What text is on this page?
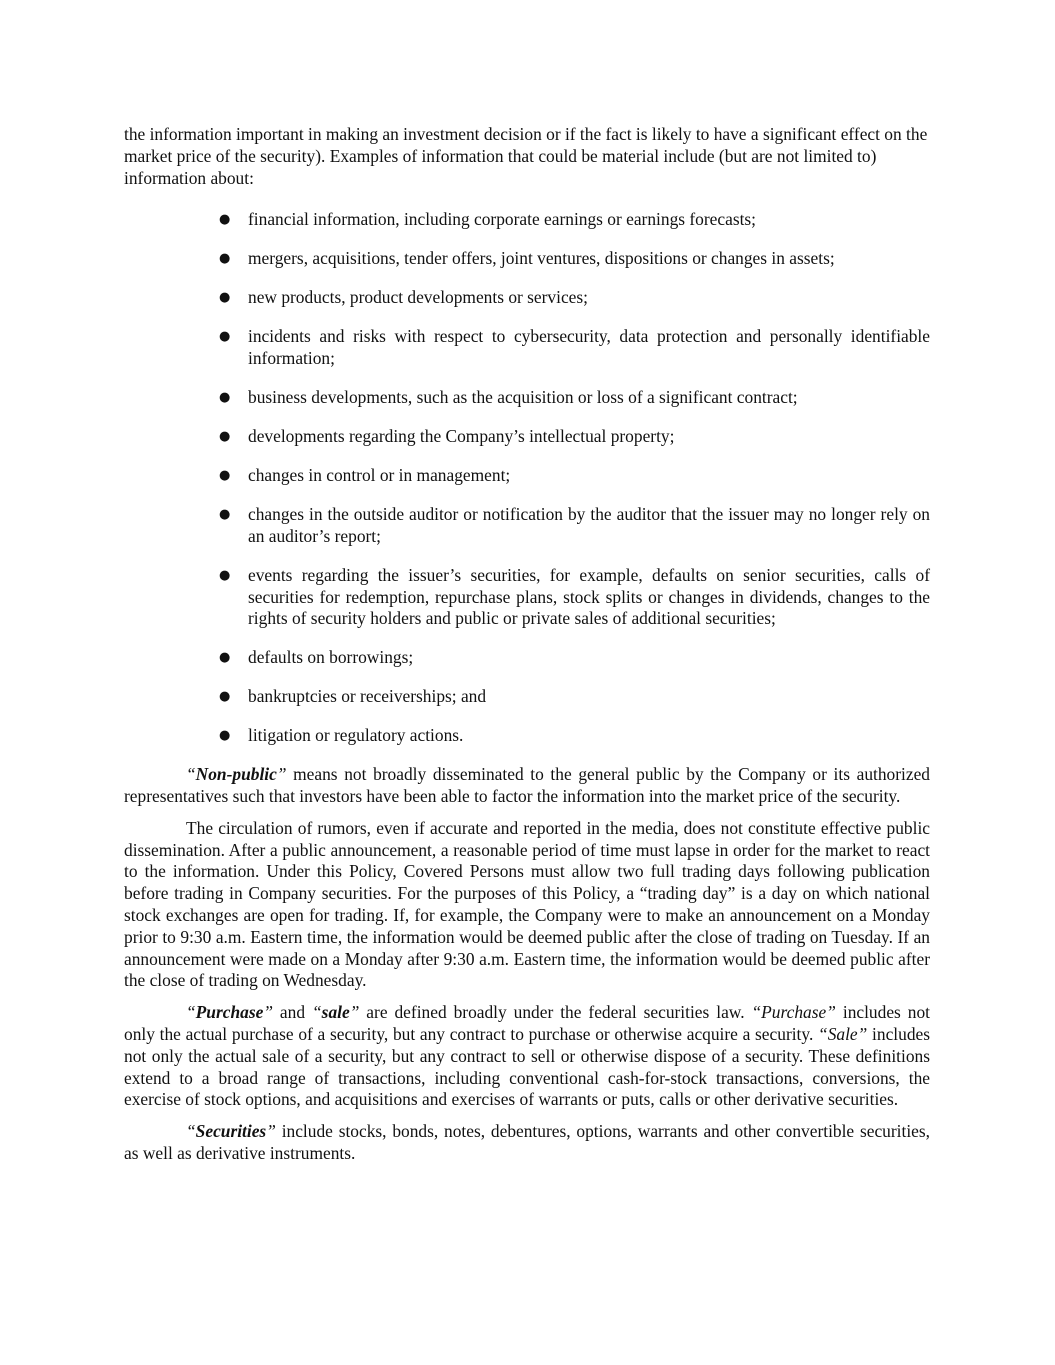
the information important in making an investment decision or if the fact is likely to have a significant effect on the market price of the security). Examples of information that could be material include (but are not limited to) information about:

● financial information, including corporate earnings or earnings forecasts;
● mergers, acquisitions, tender offers, joint ventures, dispositions or changes in assets;
● new products, product developments or services;
● incidents and risks with respect to cybersecurity, data protection and personally identifiable information;
● business developments, such as the acquisition or loss of a significant contract;
● developments regarding the Company’s intellectual property;
● changes in control or in management;
● changes in the outside auditor or notification by the auditor that the issuer may no longer rely on an auditor’s report;
● events regarding the issuer’s securities, for example, defaults on senior securities, calls of securities for redemption, repurchase plans, stock splits or changes in dividends, changes to the rights of security holders and public or private sales of additional securities;
● defaults on borrowings;
● bankruptcies or receiverships; and
● litigation or regulatory actions.

“Non-public” means not broadly disseminated to the general public by the Company or its authorized representatives such that investors have been able to factor the information into the market price of the security.

The circulation of rumors, even if accurate and reported in the media, does not constitute effective public dissemination. After a public announcement, a reasonable period of time must lapse in order for the market to react to the information. Under this Policy, Covered Persons must allow two full trading days following publication before trading in Company securities. For the purposes of this Policy, a “trading day” is a day on which national stock exchanges are open for trading. If, for example, the Company were to make an announcement on a Monday prior to 9:30 a.m. Eastern time, the information would be deemed public after the close of trading on Tuesday. If an announcement were made on a Monday after 9:30 a.m. Eastern time, the information would be deemed public after the close of trading on Wednesday.

“Purchase” and “sale” are defined broadly under the federal securities law. “Purchase” includes not only the actual purchase of a security, but any contract to purchase or otherwise acquire a security. “Sale” includes not only the actual sale of a security, but any contract to sell or otherwise dispose of a security. These definitions extend to a broad range of transactions, including conventional cash-for-stock transactions, conversions, the exercise of stock options, and acquisitions and exercises of warrants or puts, calls or other derivative securities.

“Securities” include stocks, bonds, notes, debentures, options, warrants and other convertible securities, as well as derivative instruments.
